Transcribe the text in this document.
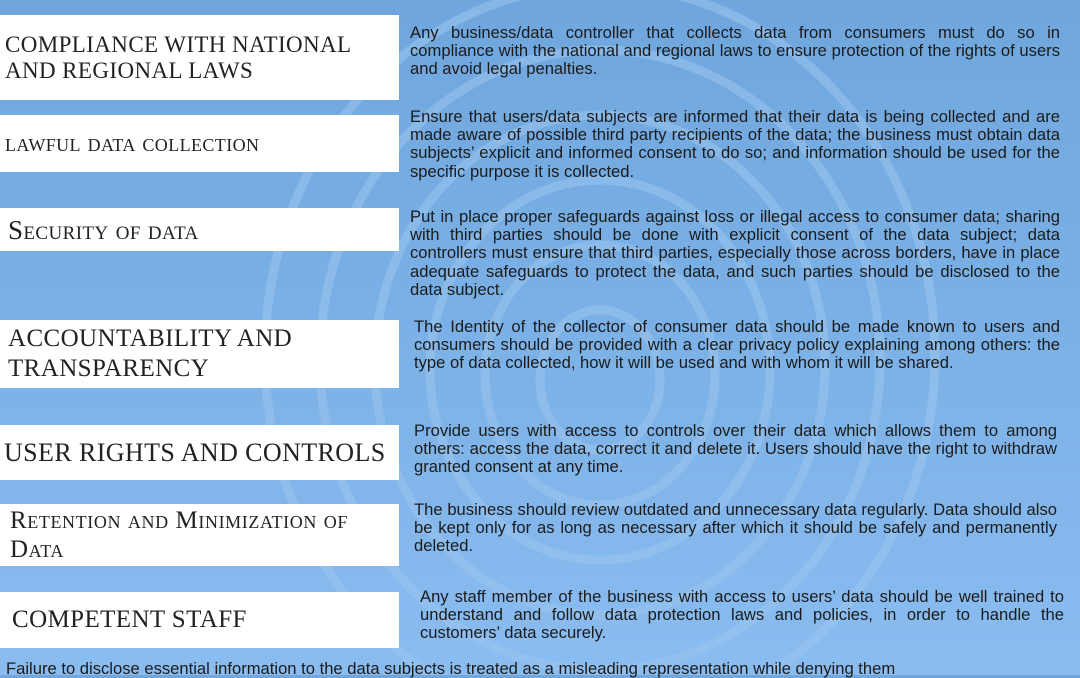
COMPLIANCE WITH NATIONAL AND REGIONAL LAWS

Any business/data controller that collects data from consumers must do so in compliance with the national and regional laws to ensure protection of the rights of users and avoid legal penalties.

lawful data collection

Ensure that users/data subjects are informed that their data is being collected and are made aware of possible third party recipients of the data; the business must obtain data subjects’ explicit and informed consent to do so; and information should be used for the specific purpose it is collected.

Security of data	Put in place proper safeguards against loss or illegal access to consumer data; sharing with third parties should be done with explicit consent of the data subject; data controllers must ensure that third parties, especially those across borders, have in place adequate safeguards to protect the data, and such parties should be disclosed to the data subject.

ACCOUNTABILITY AND TRANSPARENCY

The Identity of the collector of consumer data should be made known to users and consumers should be provided with a clear privacy policy explaining among others: the type of data collected, how it will be used and with whom it will be shared.

USER RIGHTS AND CONTROLS

Provide users with access to controls over their data which allows them to among others: access the data, correct it and delete it. Users should have the right to withdraw granted consent at any time.

Retention and Minimization of Data

The business should review outdated and unnecessary data regularly. Data should also be kept only for as long as necessary after which it should be safely and permanently deleted.

COMPETENT STAFF

Any staff member of the business with access to users’ data should be well trained to understand and follow data protection laws and policies, in order to handle the customers’ data securely.

Failure to disclose essential information to the data subjects is treated as a misleading representation while denying them
